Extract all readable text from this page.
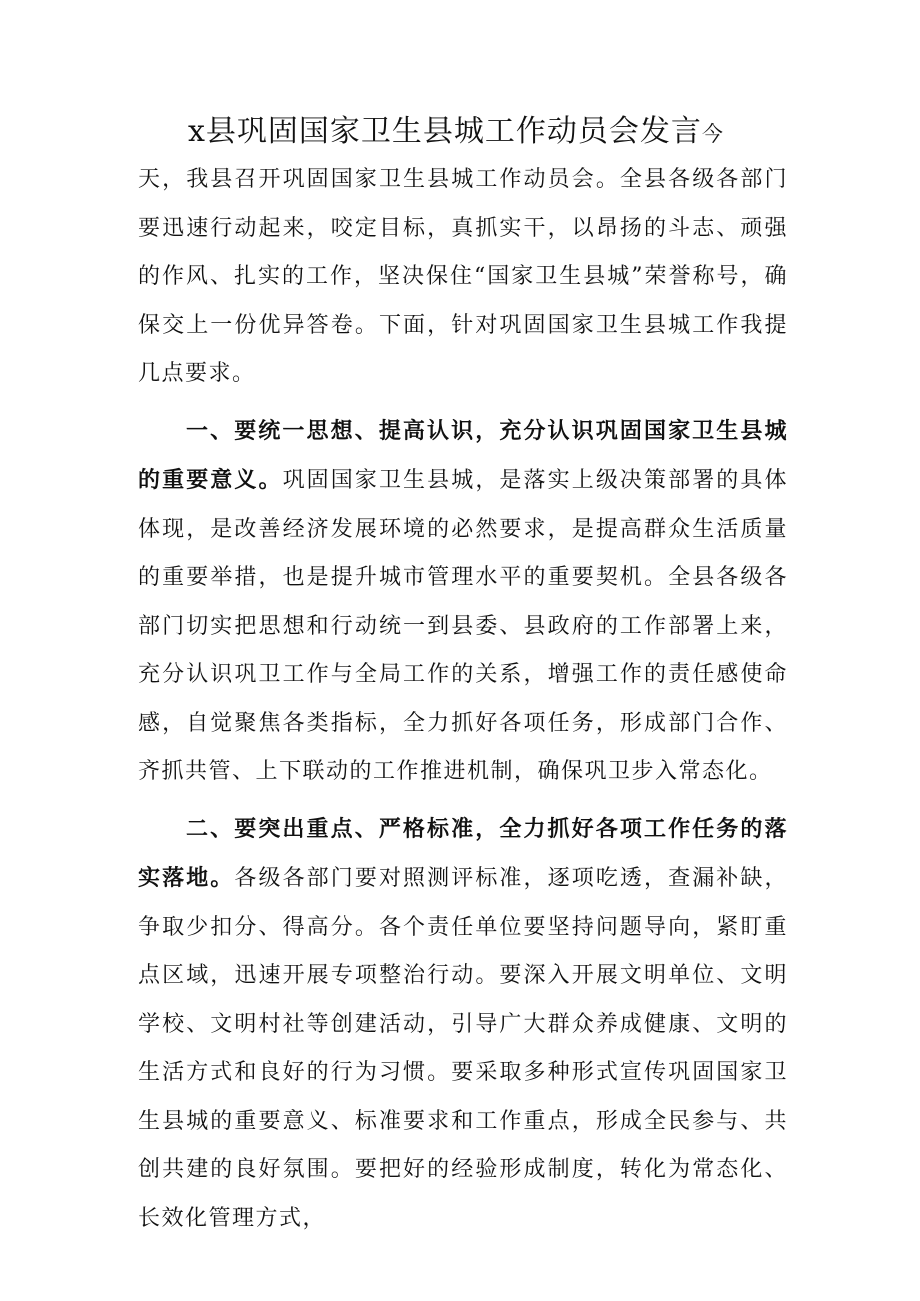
x县巩固国家卫生县城工作动员会发言今

天，我县召开巩固国家卫生县城工作动员会。全县各级各部门要迅速行动起来，咬定目标，真抓实干，以昂扬的斗志、顽强的作风、扎实的工作，坚决保住“国家卫生县城”荣誉称号，确保交上一份优异答卷。下面，针对巩固国家卫生县城工作我提几点要求。

一、要统一思想、提高认识，充分认识巩固国家卫生县城的重要意义。巩固国家卫生县城，是落实上级决策部署的具体体现，是改善经济发展环境的必然要求，是提高群众生活质量的重要举措，也是提升城市管理水平的重要契机。全县各级各部门切实把思想和行动统一到县委、县政府的工作部署上来，充分认识巩卫工作与全局工作的关系，增强工作的责任感使命感，自觉聚焦各类指标，全力抓好各项任务，形成部门合作、齐抓共管、上下联动的工作推进机制，确保巩卫步入常态化。

二、要突出重点、严格标准，全力抓好各项工作任务的落实落地。各级各部门要对照测评标准，逐项吃透，查漏补缺，争取少扣分、得高分。各个责任单位要坚持问题导向，紧盯重点区域，迅速开展专项整治行动。要深入开展文明单位、文明学校、文明村社等创建活动，引导广大群众养成健康、文明的生活方式和良好的行为习惯。要采取多种形式宣传巩固国家卫生县城的重要意义、标准要求和工作重点，形成全民参与、共创共建的良好氛围。要把好的经验形成制度，转化为常态化、长效化管理方式，
